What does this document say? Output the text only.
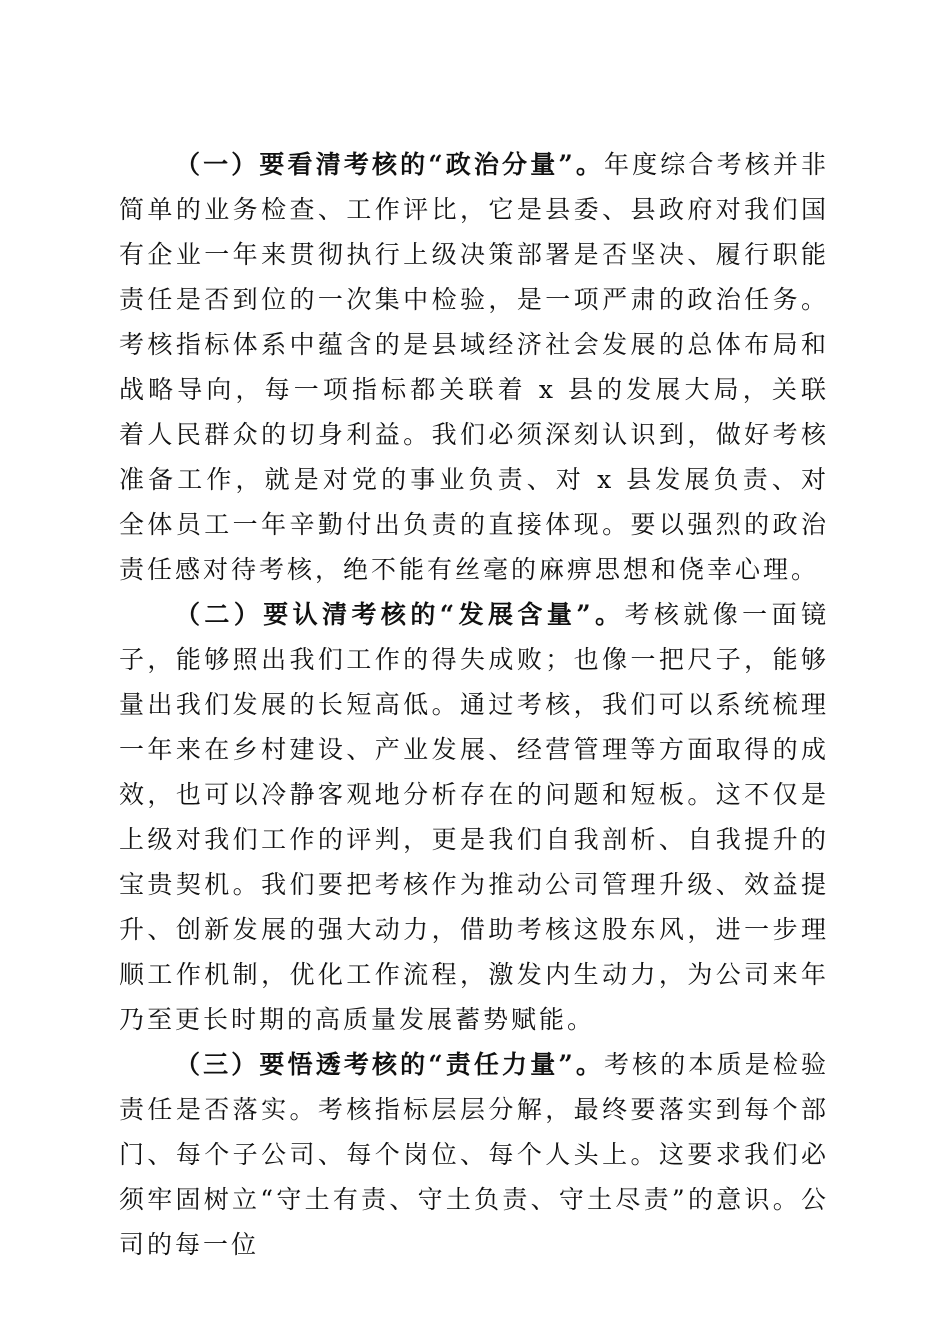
（一）要看清考核的“政治分量”。年度综合考核并非简单的业务检查、工作评比，它是县委、县政府对我们国有企业一年来贯彻执行上级决策部署是否坚决、履行职能责任是否到位的一次集中检验，是一项严肃的政治任务。考核指标体系中蕴含的是县域经济社会发展的总体布局和战略导向，每一项指标都关联着 x 县的发展大局，关联着人民群众的切身利益。我们必须深刻认识到，做好考核准备工作，就是对党的事业负责、对 x 县发展负责、对全体员工一年辛勤付出负责的直接体现。要以强烈的政治责任感对待考核，绝不能有丝毫的麻痹思想和侥幸心理。

（二）要认清考核的“发展含量”。考核就像一面镜子，能够照出我们工作的得失成败；也像一把尺子，能够量出我们发展的长短高低。通过考核，我们可以系统梳理一年来在乡村建设、产业发展、经营管理等方面取得的成效，也可以冷静客观地分析存在的问题和短板。这不仅是上级对我们工作的评判，更是我们自我剖析、自我提升的宝贵契机。我们要把考核作为推动公司管理升级、效益提升、创新发展的强大动力，借助考核这股东风，进一步理顺工作机制，优化工作流程，激发内生动力，为公司来年乃至更长时期的高质量发展蓄势赋能。

（三）要悟透考核的“责任力量”。考核的本质是检验责任是否落实。考核指标层层分解，最终要落实到每个部门、每个子公司、每个岗位、每个人头上。这要求我们必须牢固树立“守土有责、守土负责、守土尽责”的意识。公司的每一位
